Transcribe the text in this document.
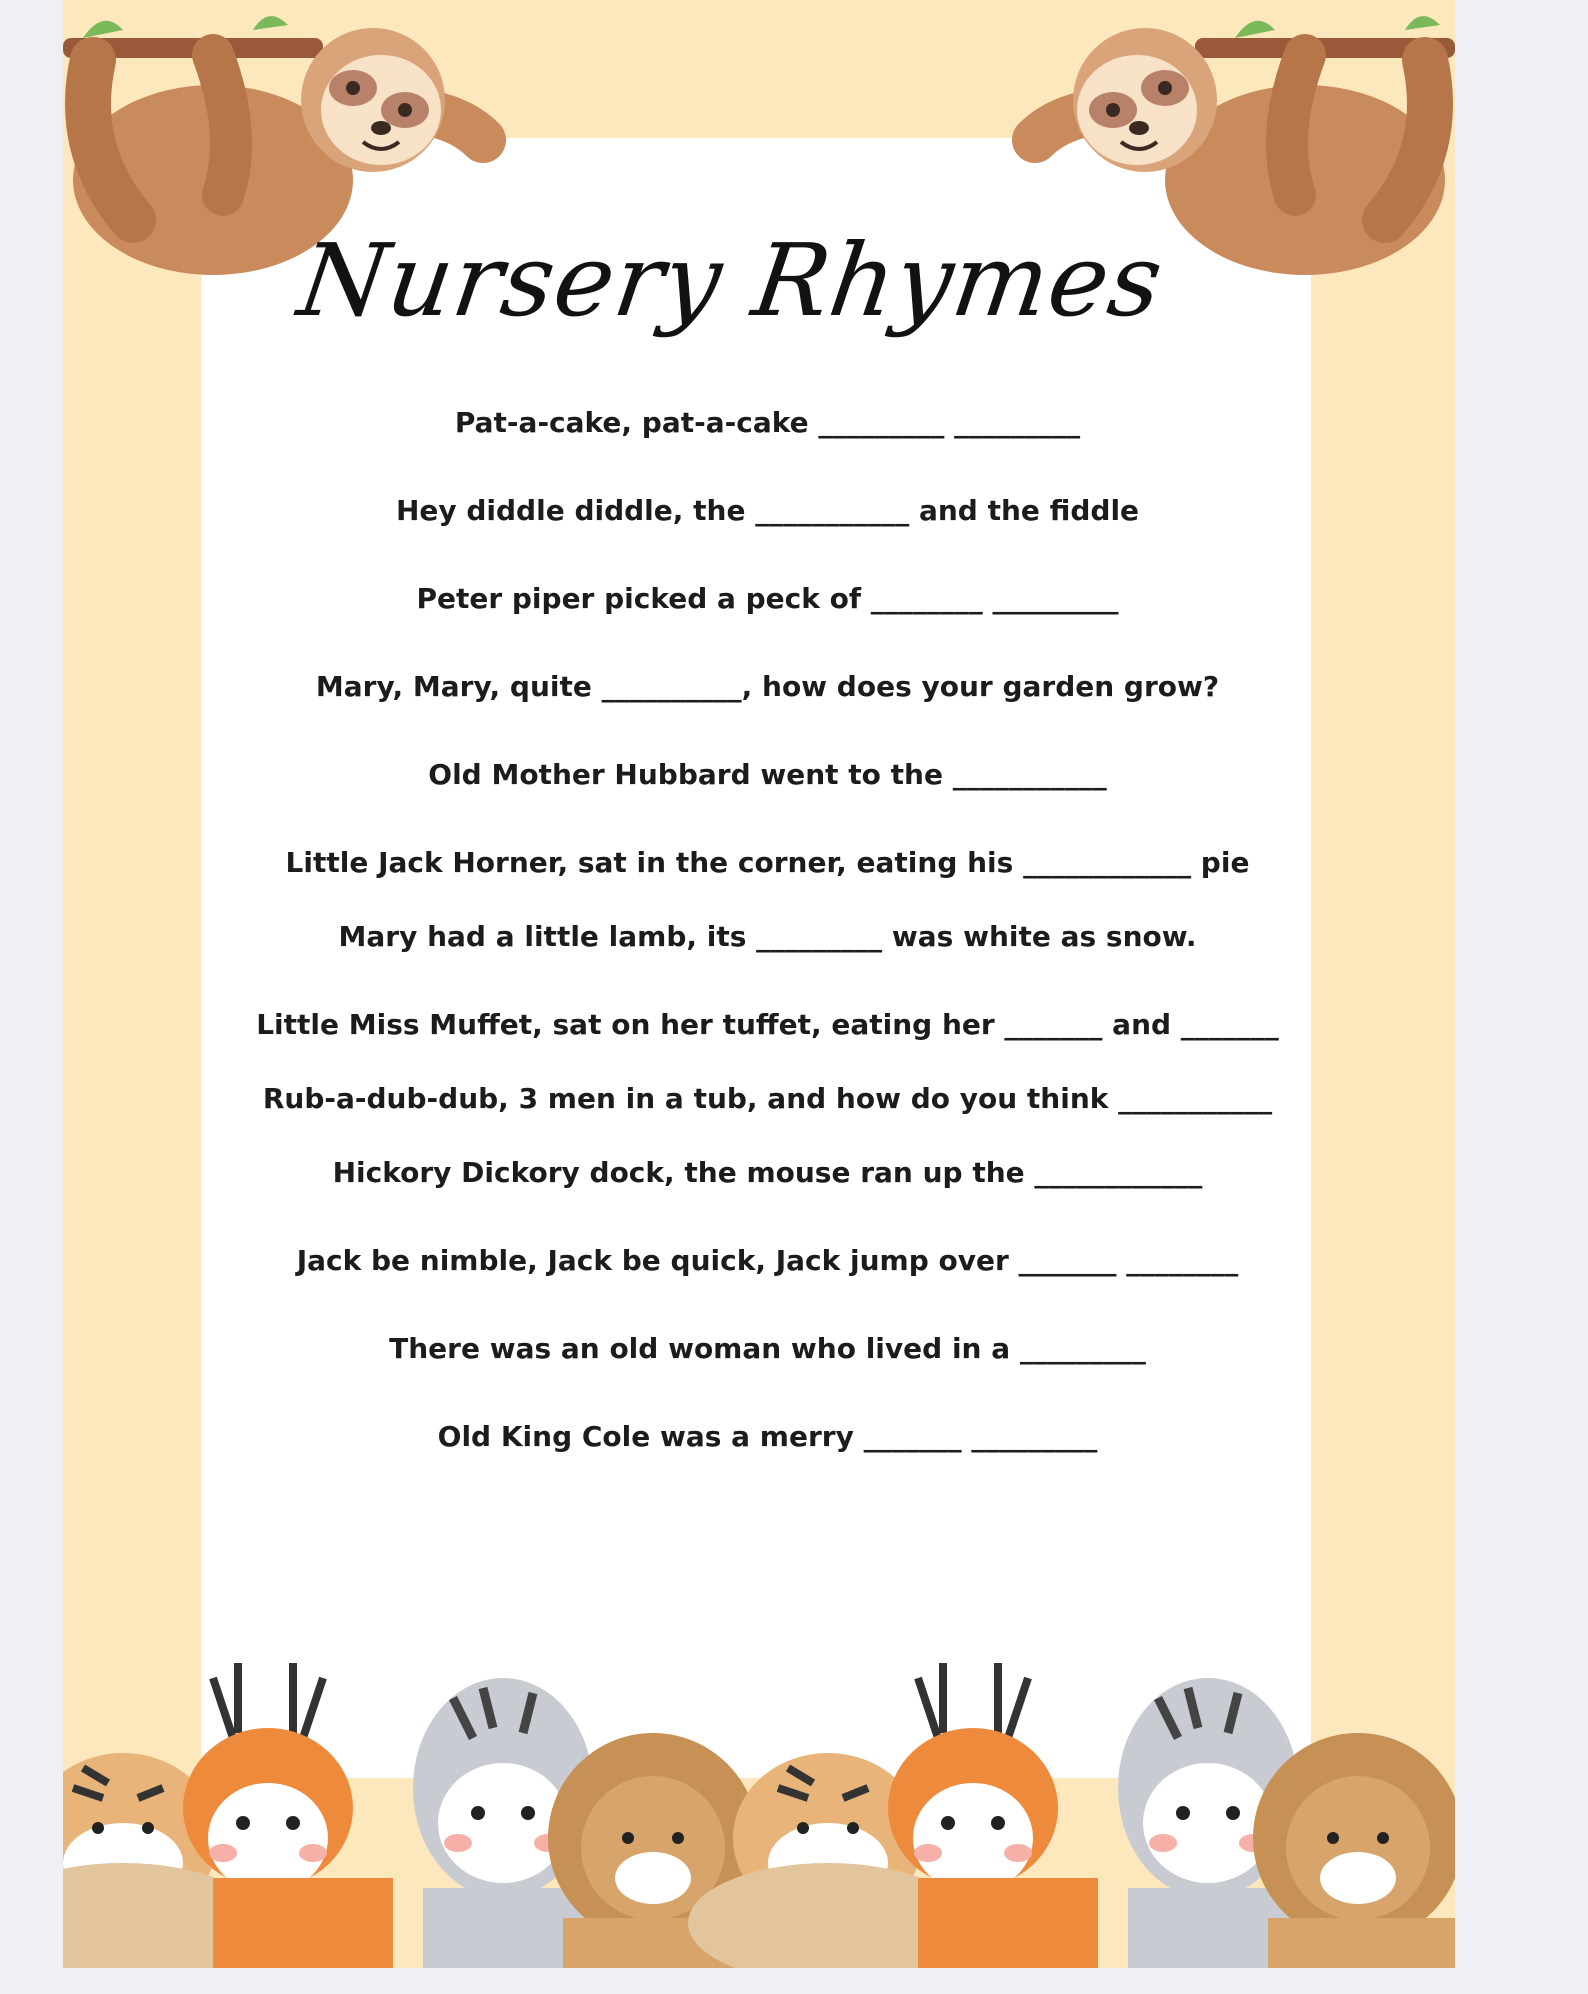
Nursery Rhymes
Pat-a-cake, pat-a-cake _________ _________
Hey diddle diddle, the ___________ and the fiddle
Peter piper picked a peck of ________ _________
Mary, Mary, quite __________, how does your garden grow?
Old Mother Hubbard went to the ___________
Little Jack Horner, sat in the corner, eating his ____________ pie
Mary had a little lamb, its _________ was white as snow.
Little Miss Muffet, sat on her tuffet, eating her _______ and _______
Rub-a-dub-dub, 3 men in a tub, and how do you think ___________
Hickory Dickory dock, the mouse ran up the ____________
Jack be nimble, Jack be quick, Jack jump over _______ ________
There was an old woman who lived in a _________
Old King Cole was a merry _______ _________
